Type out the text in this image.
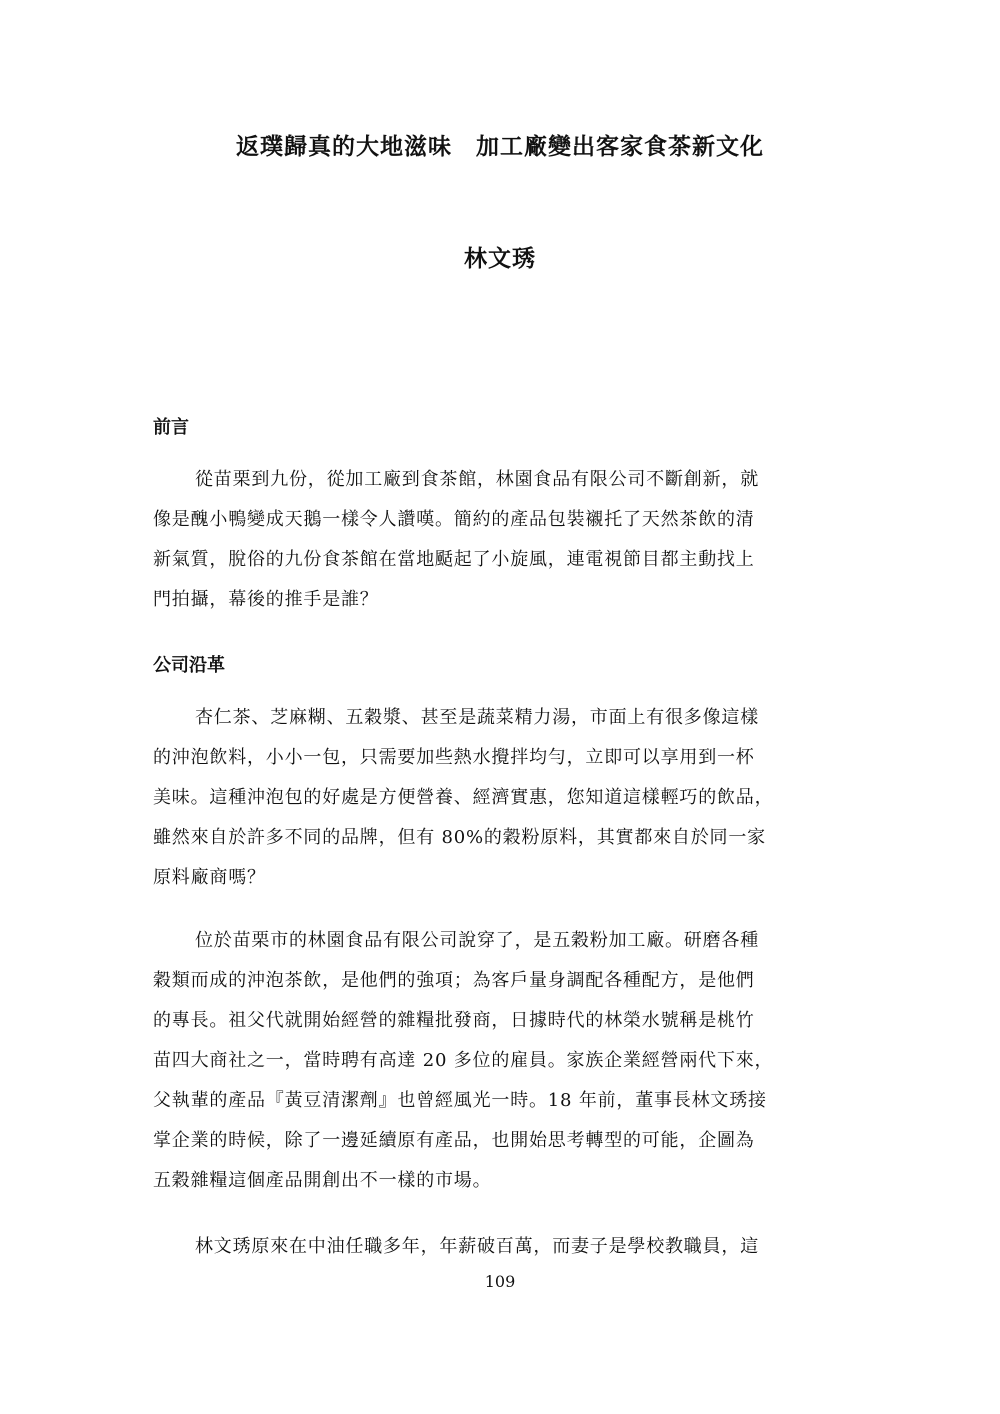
返璞歸真的大地滋味　加工廠變出客家食茶新文化
林文琇
前言
從苗栗到九份，從加工廠到食茶館，林園食品有限公司不斷創新，就
像是醜小鴨變成天鵝一樣令人讚嘆。簡約的產品包裝襯托了天然茶飲的清
新氣質，脫俗的九份食茶館在當地颳起了小旋風，連電視節目都主動找上
門拍攝，幕後的推手是誰？
公司沿革
杏仁茶、芝麻糊、五穀漿、甚至是蔬菜精力湯，市面上有很多像這樣
的沖泡飲料，小小一包，只需要加些熱水攪拌均勻，立即可以享用到一杯
美味。這種沖泡包的好處是方便營養、經濟實惠，您知道這樣輕巧的飲品，
雖然來自於許多不同的品牌，但有 80%的穀粉原料，其實都來自於同一家
原料廠商嗎？
位於苗栗市的林園食品有限公司說穿了，是五穀粉加工廠。研磨各種
穀類而成的沖泡茶飲，是他們的強項；為客戶量身調配各種配方，是他們
的專長。祖父代就開始經營的雜糧批發商，日據時代的林榮水號稱是桃竹
苗四大商社之一，當時聘有高達 20 多位的雇員。家族企業經營兩代下來，
父執輩的產品『黃豆清潔劑』也曾經風光一時。18 年前，董事長林文琇接
掌企業的時候，除了一邊延續原有產品，也開始思考轉型的可能，企圖為
五穀雜糧這個產品開創出不一樣的市場。
林文琇原來在中油任職多年，年薪破百萬，而妻子是學校教職員，這
109
